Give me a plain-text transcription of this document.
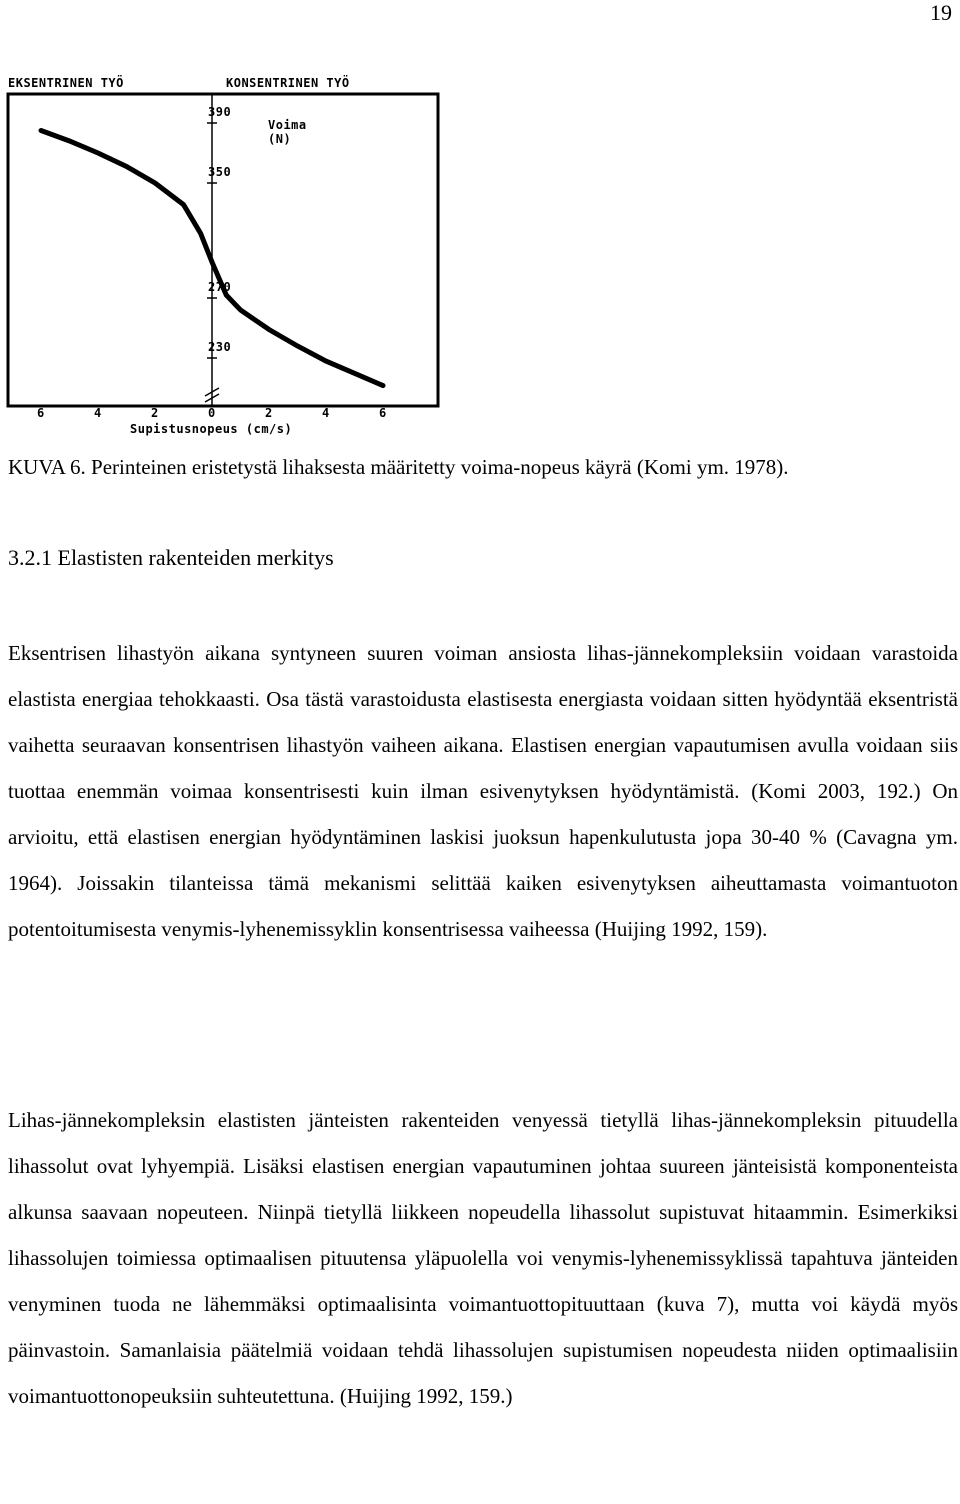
19
EKSENTRINEN TYÖ	KONSENTRINEN TYÖ
Voima
(N)
390
350
270
230
6	4	2	0	2	4	6
Supistusnopeus (cm/s)
KUVA 6. Perinteinen eristetystä lihaksesta määritetty voima-nopeus käyrä (Komi ym. 1978).
3.2.1 Elastisten rakenteiden merkitys

Eksentrisen lihastyön aikana syntyneen suuren voiman ansiosta lihas-jännekompleksiin voidaan varastoida elastista energiaa tehokkaasti. Osa tästä varastoidusta elastisesta energiasta voidaan sitten hyödyntää eksentristä vaihetta seuraavan konsentrisen lihastyön vaiheen aikana. Elastisen energian vapautumisen avulla voidaan siis tuottaa enemmän voimaa konsentrisesti kuin ilman esivenytyksen hyödyntämistä. (Komi 2003, 192.) On arvioitu, että elastisen energian hyödyntäminen laskisi juoksun hapenkulutusta jopa 30-40 % (Cavagna ym. 1964). Joissakin tilanteissa tämä mekanismi selittää kaiken esivenytyksen aiheuttamasta voimantuoton potentoitumisesta venymis-lyhenemissyklin konsentrisessa vaiheessa (Huijing 1992, 159).

Lihas-jännekompleksin elastisten jänteisten rakenteiden venyessä tietyllä lihas-jännekompleksin pituudella lihassolut ovat lyhyempiä. Lisäksi elastisen energian vapautuminen johtaa suureen jänteisistä komponenteista alkunsa saavaan nopeuteen. Niinpä tietyllä liikkeen nopeudella lihassolut supistuvat hitaammin. Esimerkiksi lihassolujen toimiessa optimaalisen pituutensa yläpuolella voi venymis-lyhenemissyklissä tapahtuva jänteiden venyminen tuoda ne lähemmäksi optimaalisinta voimantuottopituuttaan (kuva 7), mutta voi käydä myös päinvastoin. Samanlaisia päätelmiä voidaan tehdä lihassolujen supistumisen nopeudesta niiden optimaalisiin voimantuottonopeuksiin suhteutettuna. (Huijing 1992, 159.)
